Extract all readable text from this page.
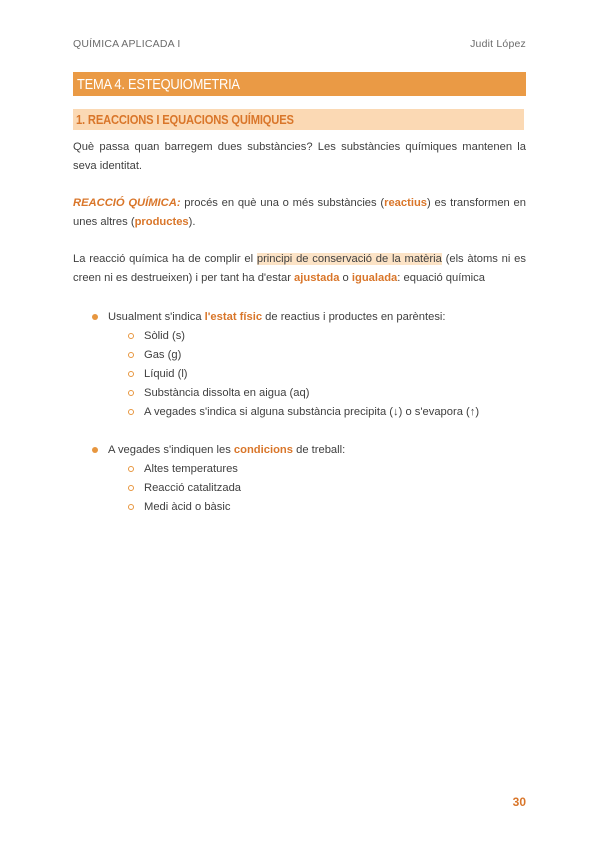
QUÍMICA APLICADA I	Judit López
TEMA 4. ESTEQUIOMETRIA
1. REACCIONS I EQUACIONS QUÍMIQUES

Què passa quan barregem dues substàncies? Les substàncies químiques mantenen la seva identitat.

REACCIÓ QUÍMICA: procés en què una o més substàncies (reactius) es transformen en unes altres (productes).

La reacció química ha de complir el principi de conservació de la matèria (els àtoms ni es creen ni es destrueixen) i per tant ha d'estar ajustada o igualada: equació química

Usualment s'indica l'estat físic de reactius i productes en parèntesi:
Sòlid (s)
Gas (g)
Líquid (l)
Substància dissolta en aigua (aq)
A vegades s'indica si alguna substància precipita (↓) o s'evapora (↑)
A vegades s'indiquen les condicions de treball:
Altes temperatures
Reacció catalitzada
Medi àcid o bàsic
30
